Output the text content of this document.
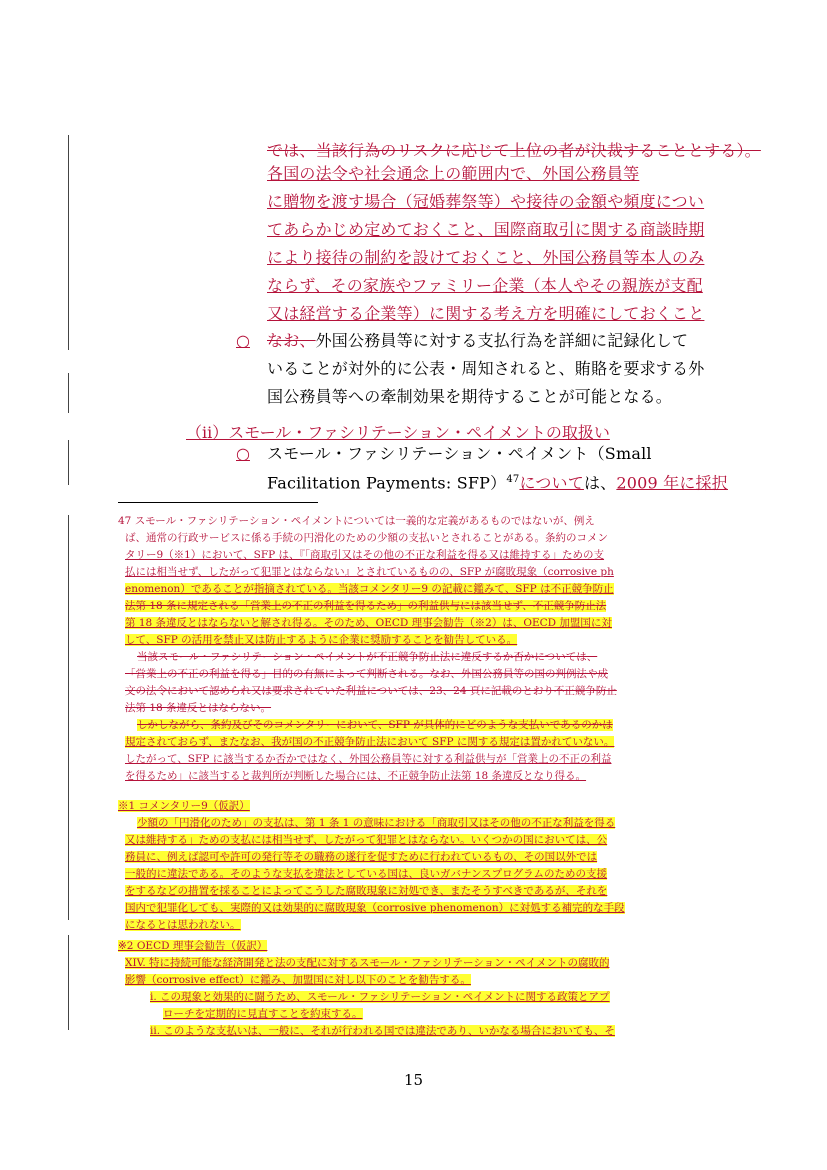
では、当該行為のリスクに応じて上位の者が決裁することとする）。
各国の法令や社会通念上の範囲内で、外国公務員等
に贈物を渡す場合（冠婚葬祭等）や接待の金額や頻度につい
てあらかじめ定めておくこと、国際商取引に関する商談時期
により接待の制約を設けておくこと、外国公務員等本人のみ
ならず、その家族やファミリー企業（本人やその親族が支配
又は経営する企業等）に関する考え方を明確にしておくこと
○ なお、外国公務員等に対する支払行為を詳細に記録化して
いることが対外的に公表・周知されると、賄賂を要求する外
国公務員等への牽制効果を期待することが可能となる。
（ⅱ）スモール・ファシリテーション・ペイメントの取扱い
○ スモール・ファシリテーション・ペイメント（Small
Facilitation Payments: SFP）$^{47}$については、2009 年に採択
47 スモール・ファシリテーション・ペイメントについては一義的な定義があるものではないが、例え
ば、通常の行政サービスに係る手続の円滑化のための少額の支払いとされることがある。条約のコメン
タリー9（※1）において、SFP は、『「商取引又はその他の不正な利益を得る又は維持する」ための支
払には相当せず、したがって犯罪とはならない』とされているものの、SFP が腐敗現象（corrosive ph
enomenon）であることが指摘されている。当該コメンタリー9 の記載に鑑みて、SFP は不正競争防止
法第 18 条に規定される「営業上の不正の利益を得るため」の利益供与には該当せず、不正競争防止法
第 18 条違反とはならないと解され得る。そのため、OECD 理事会勧告（※2）は、OECD 加盟国に対
して、SFP の活用を禁止又は防止するように企業に奨励することを勧告している。
当該スモール・ファシリテーション・ペイメントが不正競争防止法に違反するか否かについては、
「営業上の不正の利益を得る」目的の有無によって判断される。なお、外国公務員等の国の判例法や成
文の法令において認められ又は要求されていた利益については、23、24 頁に記載のとおり不正競争防止
法第 18 条違反とはならない。
しかしながら、条約及びそのコメンタリーにおいて、SFP が具体的にどのような支払いであるのかは
規定されておらず、またなお、我が国の不正競争防止法において SFP に関する規定は置かれていない。
したがって、SFP に該当するか否かではなく、外国公務員等に対する利益供与が「営業上の不正の利益
を得るため」に該当すると裁判所が判断した場合には、不正競争防止法第 18 条違反となり得る。
※1 コメンタリー9（仮訳）
少額の「円滑化のため」の支払は、第 1 条 1 の意味における「商取引又はその他の不正な利益を得る
又は維持する」ための支払には相当せず、したがって犯罪とはならない。いくつかの国においては、公
務員に、例えば認可や許可の発行等その職務の遂行を促すために行われているもの、その国以外では
一般的に違法である。そのような支払を違法としている国は、良いガバナンスプログラムのための支援
をするなどの措置を採ることによってこうした腐敗現象に対処でき、またそうすべきであるが、それを
国内で犯罪化しても、実際的又は効果的に腐敗現象（corrosive phenomenon）に対処する補完的な手段
になるとは思われない。
※2 OECD 理事会勧告（仮訳）
XIV. 特に持続可能な経済開発と法の支配に対するスモール・ファシリテーション・ペイメントの腐敗的
影響（corrosive effect）に鑑み、加盟国に対し以下のことを勧告する。
i. この現象と効果的に闘うため、スモール・ファシリテーション・ペイメントに関する政策とアプ
ローチを定期的に見直すことを約束する。
ii. このような支払いは、一般に、それが行われる国では違法であり、いかなる場合においても、そ
15
